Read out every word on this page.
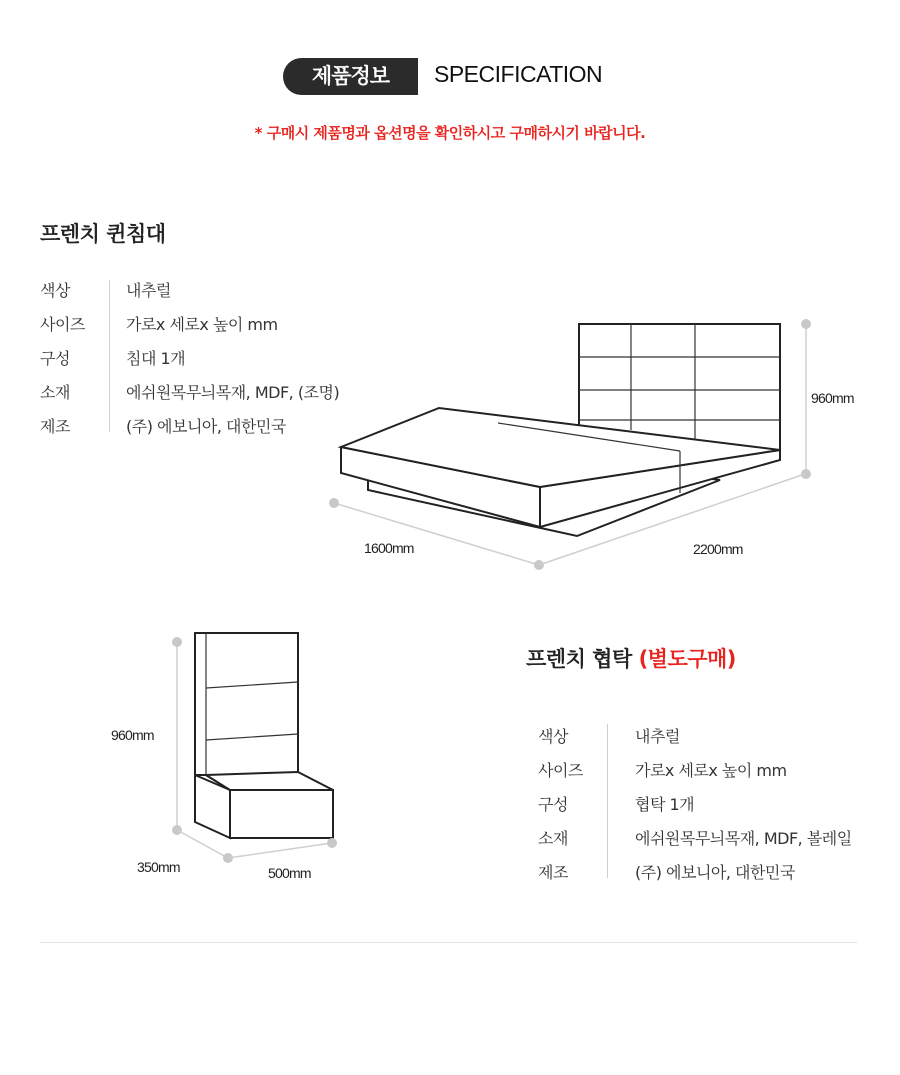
제품정보	SPECIFICATION
* 구매시 제품명과 옵션명을 확인하시고 구매하시기 바랍니다.
프렌치 퀸침대
색상	내추럴
사이즈	가로x 세로x 높이 mm
구성	침대 1개
소재	에쉬원목무늬목재, MDF, (조명)
제조	(주) 에보니아, 대한민국
960mm
1600mm	2200mm
960mm
350mm	500mm
프렌치 협탁 (별도구매)
색상	내추럴
사이즈	가로x 세로x 높이 mm
구성	협탁 1개
소재	에쉬원목무늬목재, MDF, 볼레일
제조	(주) 에보니아, 대한민국
